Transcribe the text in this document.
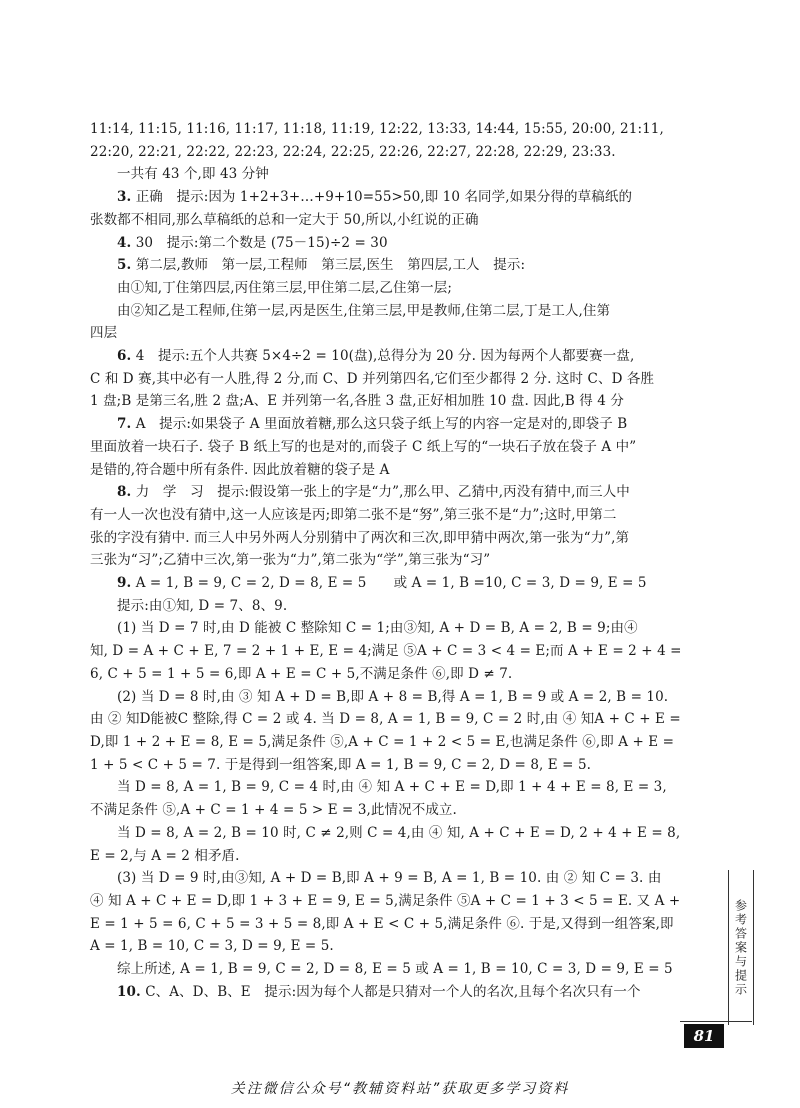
11:14, 11:15, 11:16, 11:17, 11:18, 11:19, 12:22, 13:33, 14:44, 15:55, 20:00, 21:11,

22:20, 22:21, 22:22, 22:23, 22:24, 22:25, 22:26, 22:27, 22:28, 22:29, 23:33.

一共有 43 个,即 43 分钟

3. 正确　提示:因为 1+2+3+…+9+10=55>50,即 10 名同学,如果分得的草稿纸的

张数都不相同,那么草稿纸的总和一定大于 50,所以,小红说的正确

4. 30　提示:第二个数是 (75－15)÷2 = 30

5. 第二层,教师　第一层,工程师　第三层,医生　第四层,工人　提示:

由①知,丁住第四层,丙住第三层,甲住第二层,乙住第一层;

由②知乙是工程师,住第一层,丙是医生,住第三层,甲是教师,住第二层,丁是工人,住第

四层

6. 4　提示:五个人共赛 5×4÷2 = 10(盘),总得分为 20 分. 因为每两个人都要赛一盘,

C 和 D 赛,其中必有一人胜,得 2 分,而 C、D 并列第四名,它们至少都得 2 分. 这时 C、D 各胜

1 盘;B 是第三名,胜 2 盘;A、E 并列第一名,各胜 3 盘,正好相加胜 10 盘. 因此,B 得 4 分

7. A　提示:如果袋子 A 里面放着糖,那么这只袋子纸上写的内容一定是对的,即袋子 B

里面放着一块石子. 袋子 B 纸上写的也是对的,而袋子 C 纸上写的“一块石子放在袋子 A 中”

是错的,符合题中所有条件. 因此放着糖的袋子是 A

8. 力　学　习　提示:假设第一张上的字是“力”,那么甲、乙猜中,丙没有猜中,而三人中

有一人一次也没有猜中,这一人应该是丙;即第二张不是“努”,第三张不是“力”;这时,甲第二

张的字没有猜中. 而三人中另外两人分别猜中了两次和三次,即甲猜中两次,第一张为“力”,第

三张为“习”;乙猜中三次,第一张为“力”,第二张为“学”,第三张为“习”

9. A = 1, B = 9, C = 2, D = 8, E = 5　　或 A = 1, B =10, C = 3, D = 9, E = 5

提示:由①知, D = 7、8、9.

(1) 当 D = 7 时,由 D 能被 C 整除知 C = 1;由③知, A + D = B, A = 2, B = 9;由④

知, D = A + C + E, 7 = 2 + 1 + E, E = 4;满足 ⑤A + C = 3 < 4 = E;而 A + E = 2 + 4 =

6, C + 5 = 1 + 5 = 6,即 A + E = C + 5,不满足条件 ⑥,即 D ≠ 7.

(2) 当 D = 8 时,由 ③ 知 A + D = B,即 A + 8 = B,得 A = 1, B = 9 或 A = 2, B = 10.

由 ② 知D能被C 整除,得 C = 2 或 4. 当 D = 8, A = 1, B = 9, C = 2 时,由 ④ 知A + C + E =

D,即 1 + 2 + E = 8, E = 5,满足条件 ⑤,A + C = 1 + 2 < 5 = E,也满足条件 ⑥,即 A + E =

1 + 5 < C + 5 = 7. 于是得到一组答案,即 A = 1, B = 9, C = 2, D = 8, E = 5.

当 D = 8, A = 1, B = 9, C = 4 时,由 ④ 知 A + C + E = D,即 1 + 4 + E = 8, E = 3,

不满足条件 ⑤,A + C = 1 + 4 = 5 > E = 3,此情况不成立.

当 D = 8, A = 2, B = 10 时, C ≠ 2,则 C = 4,由 ④ 知, A + C + E = D, 2 + 4 + E = 8,

E = 2,与 A = 2 相矛盾.

(3) 当 D = 9 时,由③知, A + D = B,即 A + 9 = B, A = 1, B = 10. 由 ② 知 C = 3. 由

④ 知 A + C + E = D,即 1 + 3 + E = 9, E = 5,满足条件 ⑤A + C = 1 + 3 < 5 = E. 又 A +

E = 1 + 5 = 6, C + 5 = 3 + 5 = 8,即 A + E < C + 5,满足条件 ⑥. 于是,又得到一组答案,即

A = 1, B = 10, C = 3, D = 9, E = 5.

综上所述, A = 1, B = 9, C = 2, D = 8, E = 5 或 A = 1, B = 10, C = 3, D = 9, E = 5

10. C、A、D、B、E　提示:因为每个人都是只猜对一个人的名次,且每个名次只有一个	参考答案与提示
81
关注微信公众号“教辅资料站”获取更多学习资料
